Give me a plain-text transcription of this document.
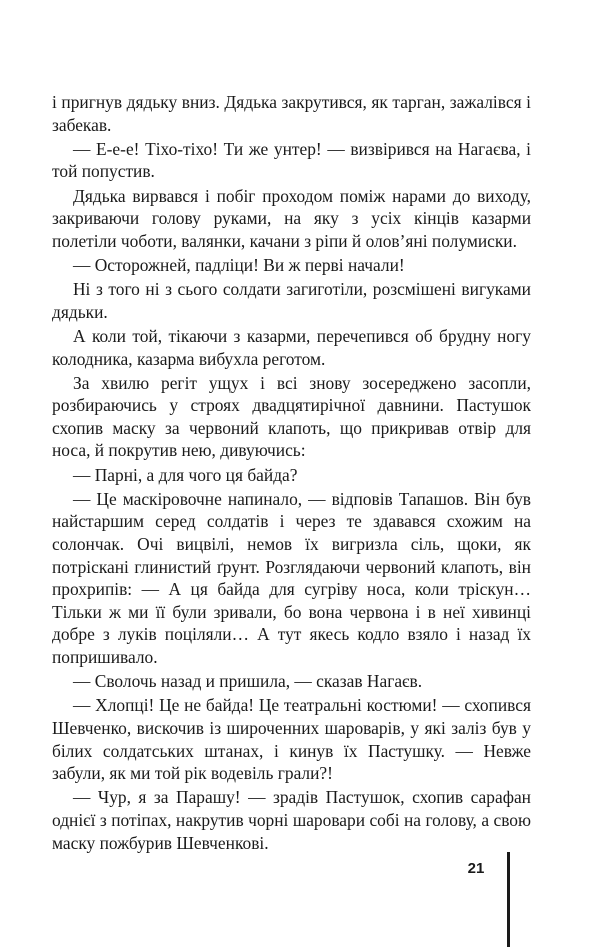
і пригнув дядьку вниз. Дядька закрутився, як тарган, зажалівся і забекав.

— Е-е-е! Тіхо-тіхо! Ти же унтер! — визвірився на Нагаєва, і той попустив.

Дядька вирвався і побіг проходом поміж нарами до виходу, закриваючи голову руками, на яку з усіх кінців казарми полетіли чоботи, валянки, качани з ріпи й олов’яні полумиски.

— Осторожней, падліци! Ви ж перві начали!

Ні з того ні з сього солдати загиготіли, розсмішені вигуками дядьки.

А коли той, тікаючи з казарми, перечепився об брудну ногу колодника, казарма вибухла реготом.

За хвилю регіт ущух і всі знову зосереджено засопли, розбираючись у строях двадцятирічної давнини. Пастушок схопив маску за червоний клапоть, що прикривав отвір для носа, й покрутив нею, дивуючись:

— Парні, а для чого ця байда?

— Це маскіровочне напинало, — відповів Тапашов. Він був найстаршим серед солдатів і через те здавався схожим на солончак. Очі вицвілі, немов їх вигризла сіль, щоки, як потріскані глинистий ґрунт. Розглядаючи червоний клапоть, він прохрипів: — А ця байда для сугріву носа, коли тріскун… Тільки ж ми її були зривали, бо вона червона і в неї хивинці добре з луків поціляли… А тут якесь кодло взяло і назад їх попришивало.

— Сволочь назад и пришила, — сказав Нагаєв.

— Хлопці! Це не байда! Це театральні костюми! — схопився Шевченко, вискочив із широченних шароварів, у які заліз був у білих солдатських штанах, і кинув їх Пастушку. — Невже забули, як ми той рік водевіль грали?!

— Чур, я за Парашу! — зрадів Пастушок, схопив сарафан однієї з потіпах, накрутив чорні шаровари собі на голову, а свою маску пожбурив Шевченкові.

21
